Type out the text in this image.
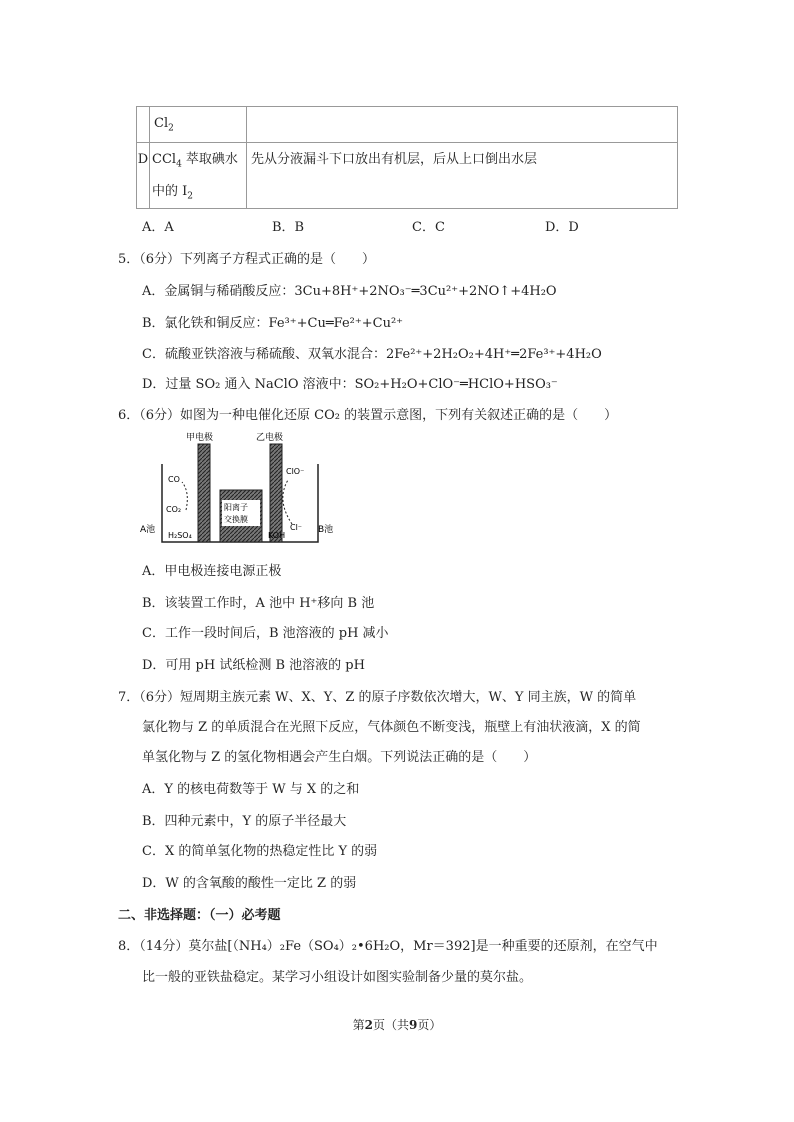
	$Cl_2$

D	CCl$_4$ 萃取碘水
中的 $I_2$	先从分液漏斗下口放出有机层，后从上口倒出水层
A．A	B．B	C．C	D．D
5．（6分）下列离子方程式正确的是（　　）
A．金属铜与稀硝酸反应：3Cu+8H⁺+2NO₃⁻═3Cu²⁺+2NO↑+4H₂O
B．氯化铁和铜反应：Fe³⁺+Cu═Fe²⁺+Cu²⁺
C．硫酸亚铁溶液与稀硫酸、双氧水混合：2Fe²⁺+2H₂O₂+4H⁺═2Fe³⁺+4H₂O
D．过量 SO₂ 通入 NaClO 溶液中：SO₂+H₂O+ClO⁻═HClO+HSO₃⁻
6．（6分）如图为一种电催化还原 CO₂ 的装置示意图，下列有关叙述正确的是（　　）
甲电极	乙电极
阳离子
交换膜
CO
CO₂
ClO⁻
Cl⁻
H₂SO₄	KOH
A池	B池
A．甲电极连接电源正极
B．该装置工作时，A 池中 H⁺移向 B 池
C．工作一段时间后，B 池溶液的 pH 减小
D．可用 pH 试纸检测 B 池溶液的 pH
7．（6分）短周期主族元素 W、X、Y、Z 的原子序数依次增大，W、Y 同主族，W 的简单
氯化物与 Z 的单质混合在光照下反应，气体颜色不断变浅，瓶壁上有油状液滴，X 的简
单氢化物与 Z 的氢化物相遇会产生白烟。下列说法正确的是（　　）
A．Y 的核电荷数等于 W 与 X 的之和
B．四种元素中，Y 的原子半径最大
C．X 的简单氢化物的热稳定性比 Y 的弱
D．W 的含氧酸的酸性一定比 Z 的弱
二、非选择题：（一）必考题
8．（14分）莫尔盐[（NH₄）₂Fe（SO₄）₂•6H₂O，Mr＝392]是一种重要的还原剂，在空气中
比一般的亚铁盐稳定。某学习小组设计如图实验制备少量的莫尔盐。
第2页（共9页）
